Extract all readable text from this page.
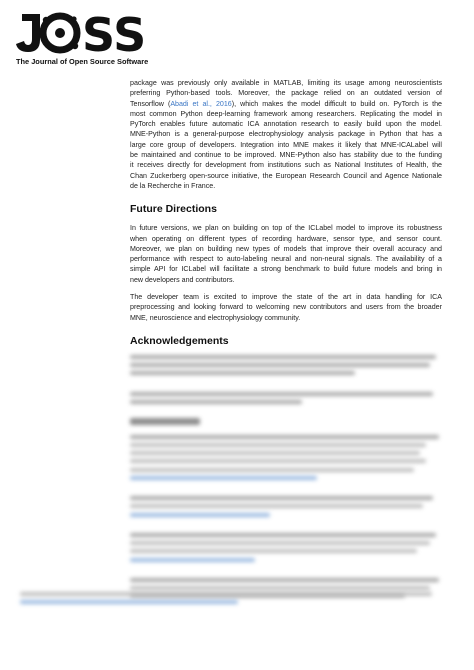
SS
The Journal of Open Source Software

package was previously only available in MATLAB, limiting its usage among neuroscientists
preferring Python-based tools. Moreover, the package relied on an outdated version of
Tensorflow (Abadi et al., 2016), which makes the model difficult to build on. PyTorch is the
most common Python deep-learning framework among researchers. Replicating the model in
PyTorch enables future automatic ICA annotation research to easily build upon the model.
MNE-Python is a general-purpose electrophysiology analysis package in Python that has a
large core group of developers. Integration into MNE makes it likely that MNE-ICALabel will
be maintained and continue to be improved. MNE-Python also has stability due to the funding
it receives directly for development from institutions such as National Institutes of Health, the
Chan Zuckerberg open-source initiative, the European Research Council and Agence Nationale
de la Recherche in France.

Future Directions

In future versions, we plan on building on top of the ICLabel model to improve its robustness
when operating on different types of recording hardware, sensor type, and sensor count.
Moreover, we plan on building new types of models that improve their overall accuracy and
performance with respect to auto-labeling neural and non-neural signals. The availability of a
simple API for ICLabel will facilitate a strong benchmark to build future models and bring in
new developers and contributors.

The developer team is excited to improve the state of the art in data handling for ICA
preprocessing and looking forward to welcoming new contributors and users from the broader
MNE, neuroscience and electrophysiology community.

Acknowledgements
